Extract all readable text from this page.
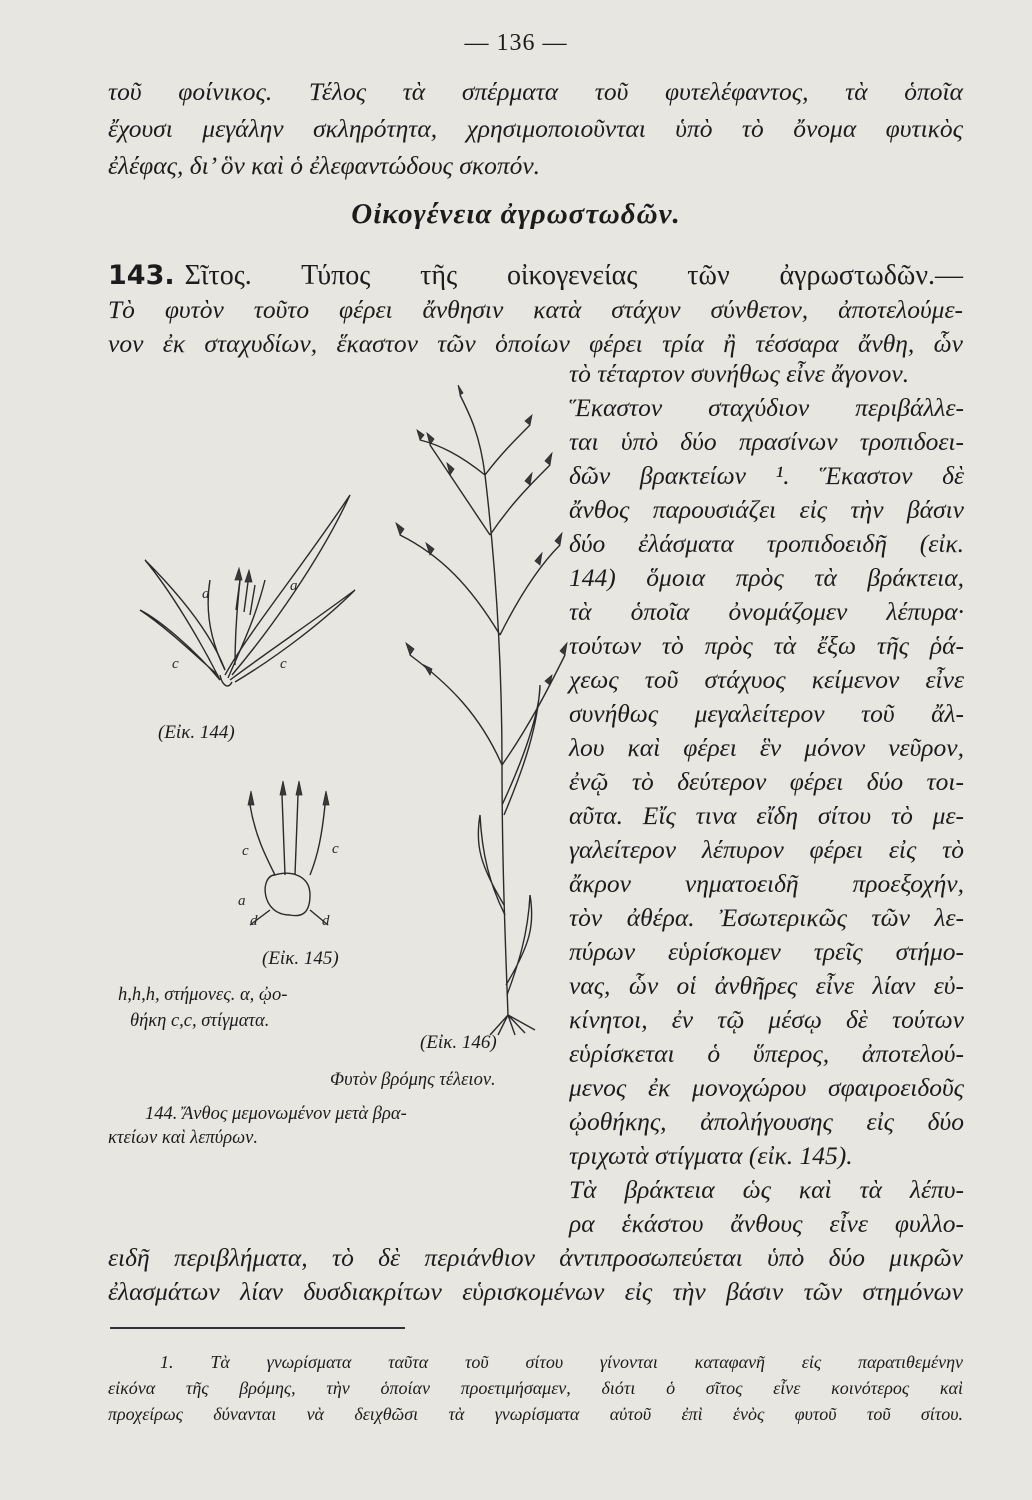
— 136 —
τοῦ φοίνικος. Τέλος τὰ σπέρματα τοῦ φυτελέφαντος, τὰ ὁποῖα
ἔχουσι μεγάλην σκληρότητα, χρησιμοποιοῦνται ὑπὸ τὸ ὄνομα φυτικὸς
ἐλέφας, δι’ ὃν καὶ ὁ ἐλεφαντώδους σκοπόν.
Οἰκογένεια ἀγρωστωδῶν.
143. Σῖτος. Τύπος τῆς οἰκογενείας τῶν ἀγρωστωδῶν.—
Τὸ φυτὸν τοῦτο φέρει ἄνθησιν κατὰ στάχυν σύνθετον, ἀποτελούμε-
νον ἐκ σταχυδίων, ἕκαστον τῶν ὁποίων φέρει τρία ἢ τέσσαρα ἄνθη, ὧν
τὸ τέταρτον συνήθως εἶνε ἄγονον.
Ἕκαστον σταχύδιον περιβάλλε-
ται ὑπὸ δύο πρασίνων τροπιδοει-
δῶν βρακτείων ¹. Ἕκαστον δὲ
ἄνθος παρουσιάζει εἰς τὴν βάσιν
δύο ἐλάσματα τροπιδοειδῆ (εἰκ.
144) ὅμοια πρὸς τὰ βράκτεια,
τὰ ὁποῖα ὀνομάζομεν λέπυρα·
τούτων τὸ πρὸς τὰ ἔξω τῆς ῥά-
χεως τοῦ στάχυος κείμενον εἶνε
συνήθως μεγαλείτερον τοῦ ἄλ-
λου καὶ φέρει ἓν μόνον νεῦρον,
ἐνῷ τὸ δεύτερον φέρει δύο τοι-
αῦτα. Εἴς τινα εἴδη σίτου τὸ με-
γαλείτερον λέπυρον φέρει εἰς τὸ
ἄκρον νηματοειδῆ προεξοχήν,
τὸν ἀθέρα. Ἐσωτερικῶς τῶν λε-
πύρων εὑρίσκομεν τρεῖς στήμο-
νας, ὧν οἱ ἀνθῆρες εἶνε λίαν εὐ-
κίνητοι, ἐν τῷ μέσῳ δὲ τούτων
εὑρίσκεται ὁ ὕπερος, ἀποτελού-
μενος ἐκ μονοχώρου σφαιροειδοῦς
ᾠοθήκης, ἀπολήγουσης εἰς δύο
τριχωτὰ στίγματα (εἰκ. 145).
Τὰ βράκτεια ὡς καὶ τὰ λέπυ-
ρα ἑκάστου ἄνθους εἶνε φυλλο-
ειδῆ περιβλήματα, τὸ δὲ περιάνθιον ἀντιπροσωπεύεται ὑπὸ δύο μικρῶν
ἐλασμάτων λίαν δυσδιακρίτων εὑρισκομένων εἰς τὴν βάσιν τῶν στημόνων
a	a
c	c
(Εἰκ. 144)
c	c
a
d	d
(Εἰκ. 145)
h,h,h, στήμονες. α, ᾠο-
θήκη c,c, στίγματα.
(Εἰκ. 146)
Φυτὸν βρόμης τέλειον.
144. Ἄνθος μεμονωμένον μετὰ βρα-
κτείων καὶ λεπύρων.
1. Τὰ γνωρίσματα ταῦτα τοῦ σίτου γίνονται καταφανῆ εἰς παρατιθεμένην
εἰκόνα τῆς βρόμης, τὴν ὁποίαν προετιμήσαμεν, διότι ὁ σῖτος εἶνε κοινότερος καὶ
προχείρως δύνανται νὰ δειχθῶσι τὰ γνωρίσματα αὐτοῦ ἐπὶ ἑνὸς φυτοῦ τοῦ σίτου.
